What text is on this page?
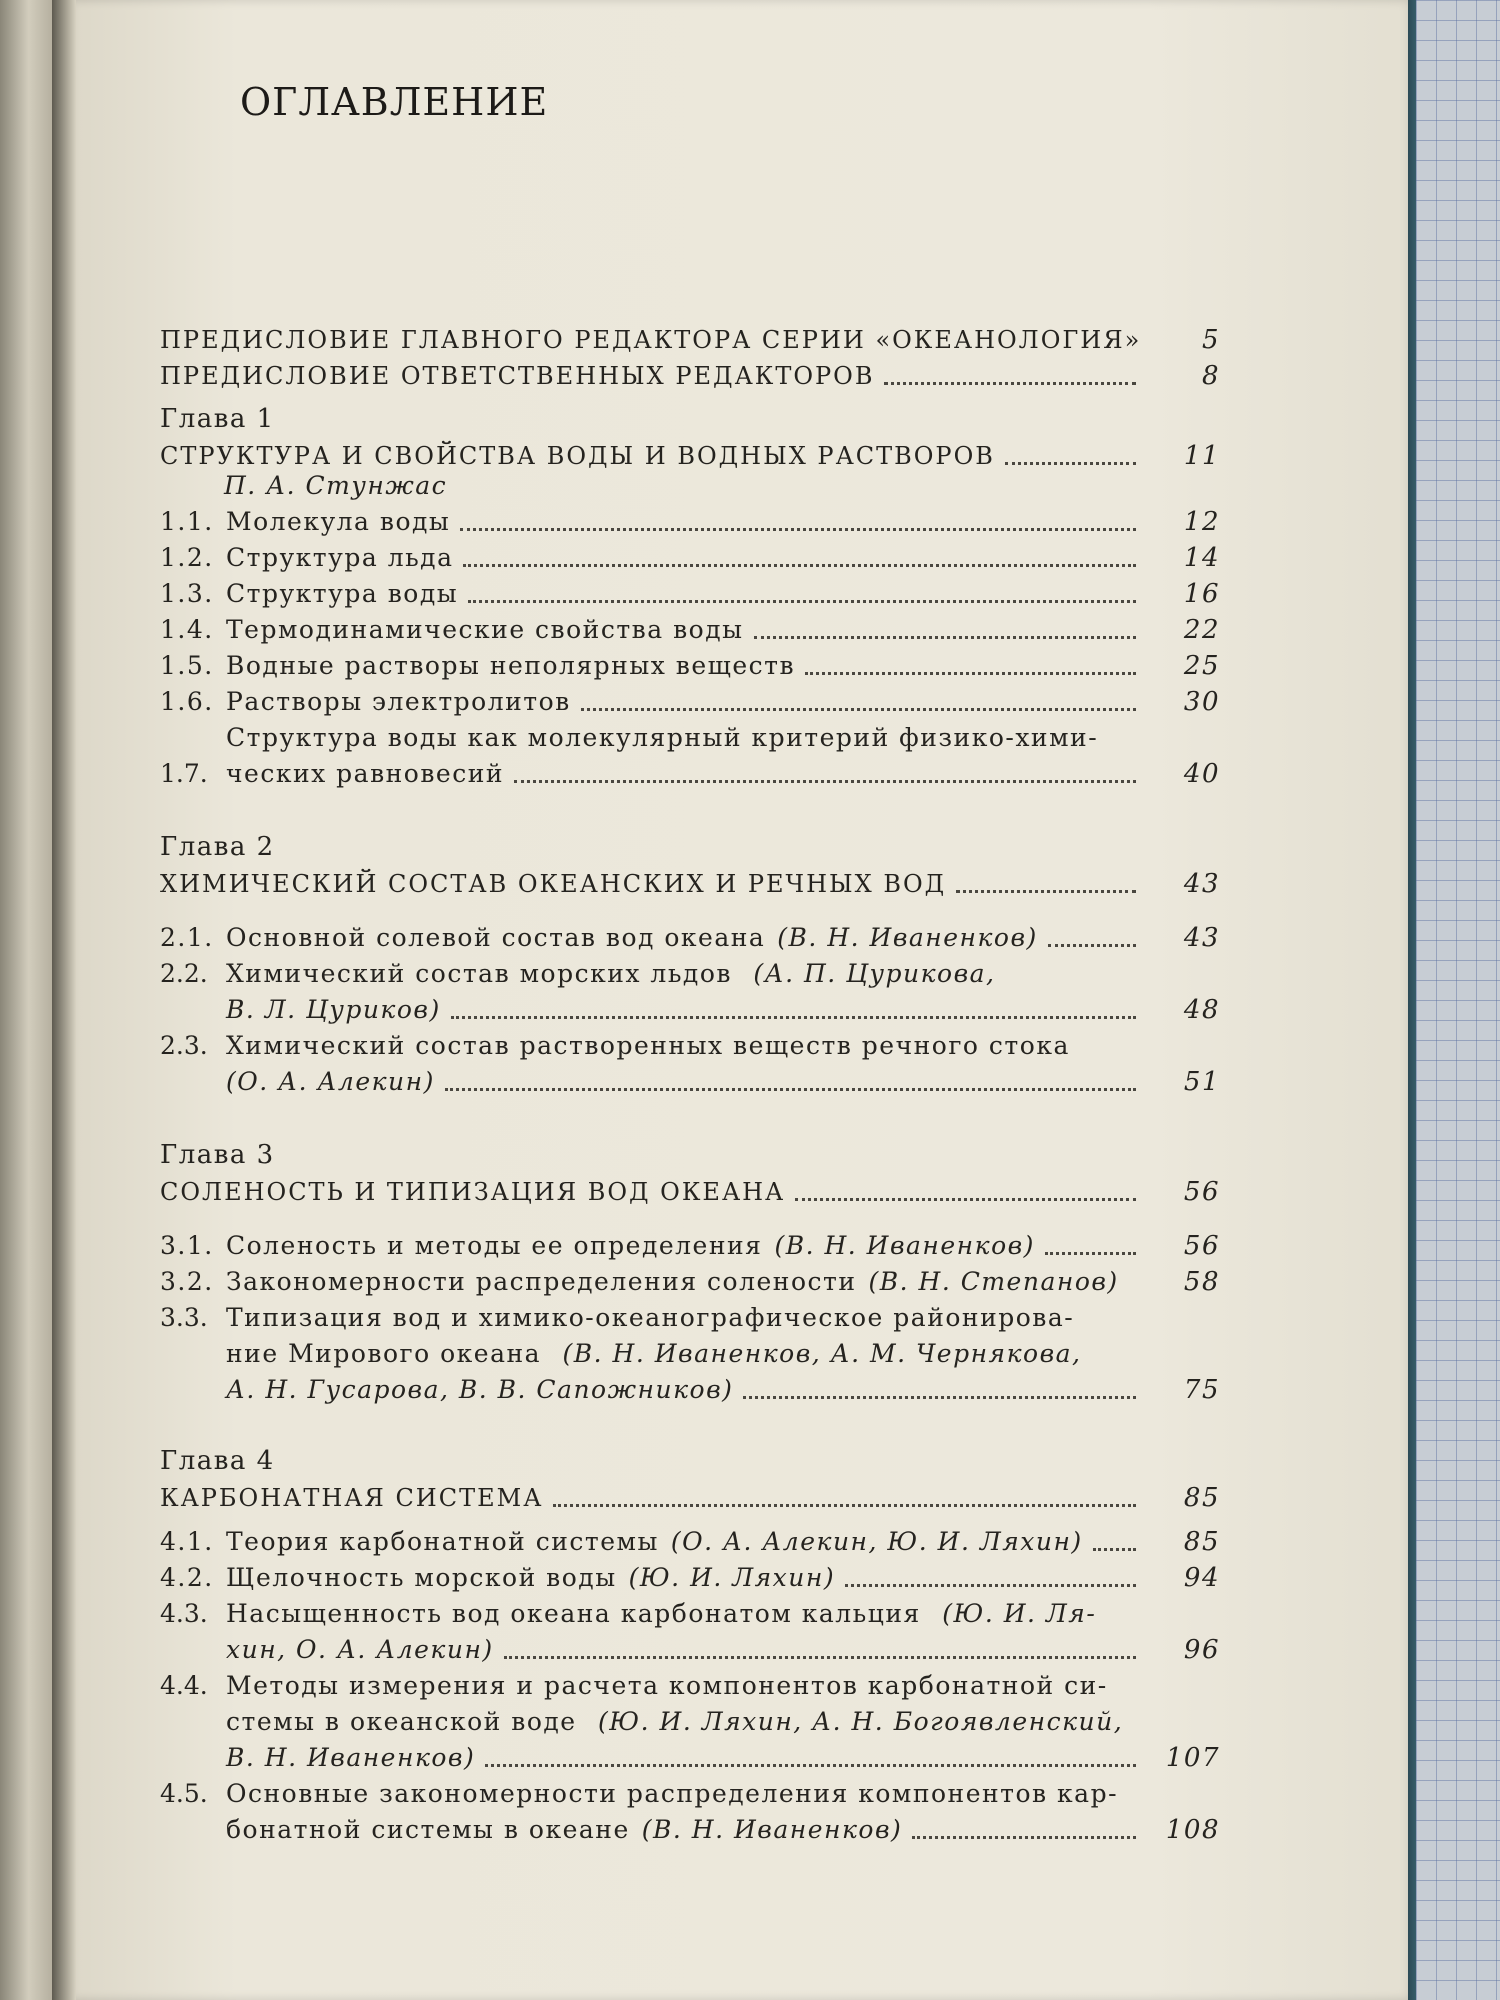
ОГЛАВЛЕНИЕ
ПРЕДИСЛОВИЕ ГЛАВНОГО РЕДАКТОРА СЕРИИ «ОКЕАНОЛОГИЯ»	5
ПРЕДИСЛОВИЕ ОТВЕТСТВЕННЫХ РЕДАКТОРОВ	8
Глава 1
СТРУКТУРА И СВОЙСТВА ВОДЫ И ВОДНЫХ РАСТВОРОВ	11
П. А. Стунжас
1.1. Молекула воды	12
1.2. Структура льда	14
1.3. Структура воды	16
1.4. Термодинамические свойства воды	22
1.5. Водные растворы неполярных веществ	25
1.6. Растворы электролитов	30
1.7.
Структура воды как молекулярный критерий физико-хими-
ческих равновесий	40
Глава 2
ХИМИЧЕСКИЙ СОСТАВ ОКЕАНСКИХ И РЕЧНЫХ ВОД	43
2.1. Основной солевой состав вод океана (В. Н. Иваненков)	43
2.2. Химический состав морских льдов (А. П. Цурикова,
В. Л. Цуриков)	48
2.3. Химический состав растворенных веществ речного стока
(О. А. Алекин)	51
Глава 3
СОЛЕНОСТЬ И ТИПИЗАЦИЯ ВОД ОКЕАНА	56
3.1. Соленость и методы ее определения (В. Н. Иваненков)	56
3.2. Закономерности распределения солености (В. Н. Степанов)	58
3.3. Типизация вод и химико-океанографическое районирова-
ние Мирового океана (В. Н. Иваненков, А. М. Чернякова,
А. Н. Гусарова, В. В. Сапожников)	75
Глава 4
КАРБОНАТНАЯ СИСТЕМА	85
4.1. Теория карбонатной системы (О. А. Алекин, Ю. И. Ляхин)	85
4.2. Щелочность морской воды (Ю. И. Ляхин)	94
4.3. Насыщенность вод океана карбонатом кальция (Ю. И. Ля-
хин, О. А. Алекин)	96
4.4. Методы измерения и расчета компонентов карбонатной си-
стемы в океанской воде (Ю. И. Ляхин, А. Н. Богоявленский,
В. Н. Иваненков)	107
4.5. Основные закономерности распределения компонентов кар-
бонатной системы в океане (В. Н. Иваненков)	108
